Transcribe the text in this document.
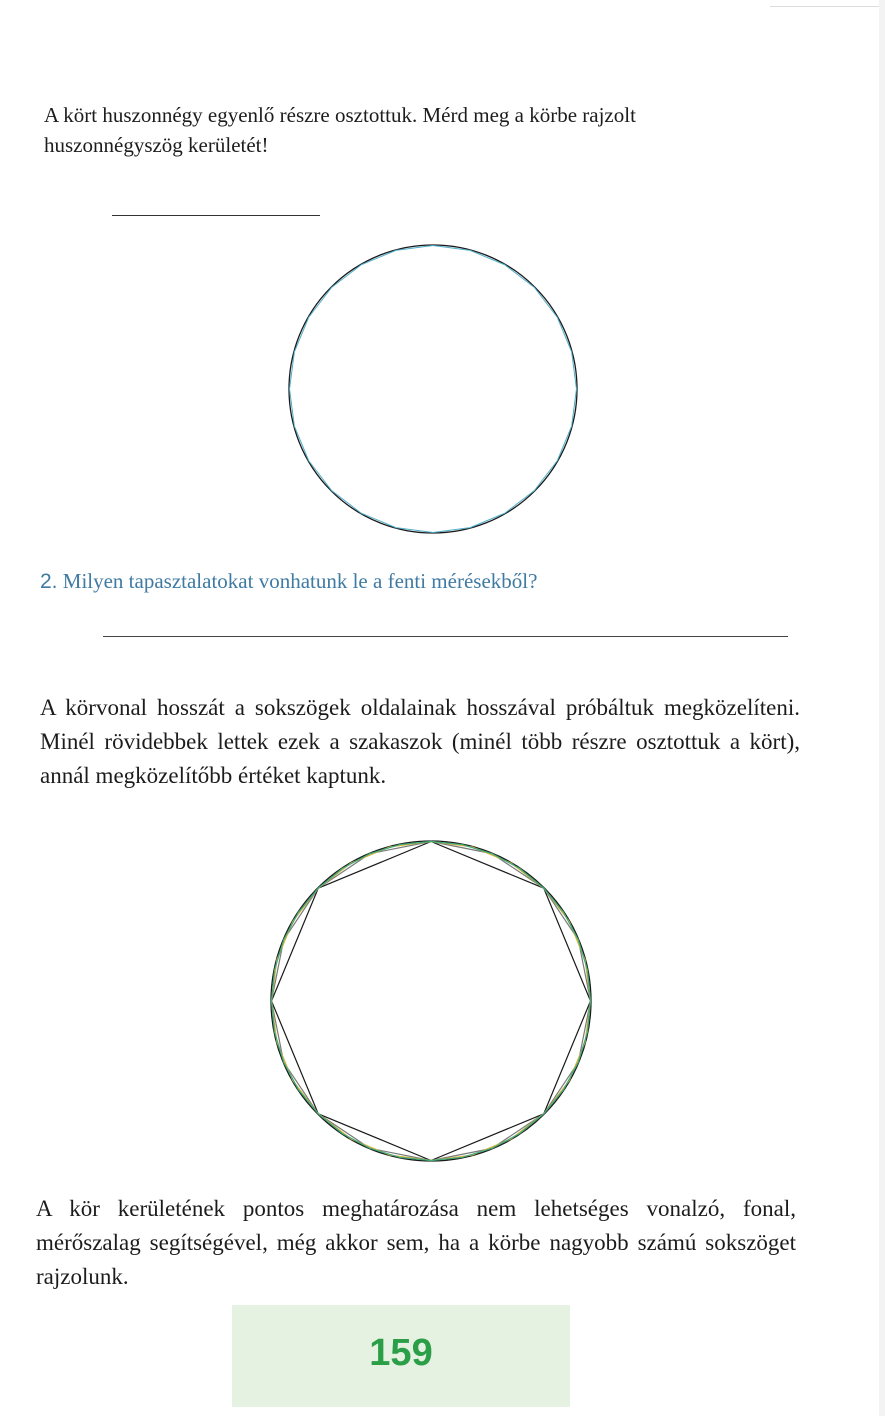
A kört huszonnégy egyenlő részre osztottuk. Mérd meg a körbe rajzolt huszonnégyszög kerületét!

2. Milyen tapasztalatokat vonhatunk le a fenti mérésekből?

A körvonal hosszát a sokszögek oldalainak hosszával próbáltuk megközelíteni. Minél rövidebbek lettek ezek a szakaszok (minél több részre osztottuk a kört), annál megközelítőbb értéket kaptunk.

A kör kerületének pontos meghatározása nem lehetséges vonalzó, fonal, mérőszalag segítségével, még akkor sem, ha a körbe nagyobb számú sokszöget rajzolunk.

159
